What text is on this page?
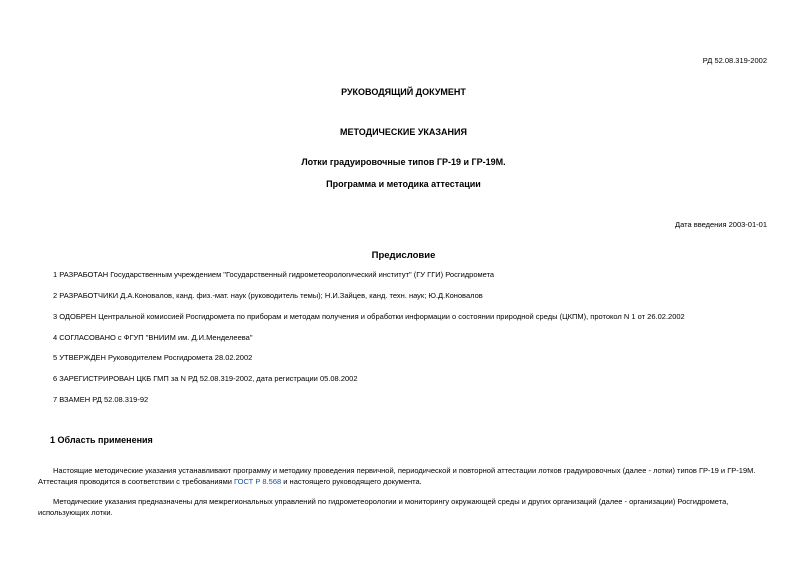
РД 52.08.319-2002
РУКОВОДЯЩИЙ ДОКУМЕНТ
МЕТОДИЧЕСКИЕ УКАЗАНИЯ
Лотки градуировочные типов ГР-19 и ГР-19М.
Программа и методика аттестации
Дата введения 2003-01-01
Предисловие
1 РАЗРАБОТАН Государственным учреждением "Государственный гидрометеорологический институт" (ГУ ГГИ) Росгидромета
2 РАЗРАБОТЧИКИ Д.А.Коновалов, канд. физ.-мат. наук (руководитель темы); Н.И.Зайцев, канд. техн. наук; Ю.Д.Коновалов
3 ОДОБРЕН Центральной комиссией Росгидромета по приборам и методам получения и обработки информации о состоянии природной среды (ЦКПМ), протокол N 1 от 26.02.2002
4 СОГЛАСОВАНО с ФГУП "ВНИИМ им. Д.И.Менделеева"
5 УТВЕРЖДЕН Руководителем Росгидромета 28.02.2002
6 ЗАРЕГИСТРИРОВАН ЦКБ ГМП за N РД 52.08.319-2002, дата регистрации 05.08.2002
7 ВЗАМЕН РД 52.08.319-92
1 Область применения

Настоящие методические указания устанавливают программу и методику проведения первичной, периодической и повторной аттестации лотков градуировочных (далее - лотки) типов ГР-19 и ГР-19М. Аттестация проводится в соответствии с требованиями ГОСТ Р 8.568 и настоящего руководящего документа.

Методические указания предназначены для межрегиональных управлений по гидрометеорологии и мониторингу окружающей среды и других организаций (далее - организации) Росгидромета, использующих лотки.
